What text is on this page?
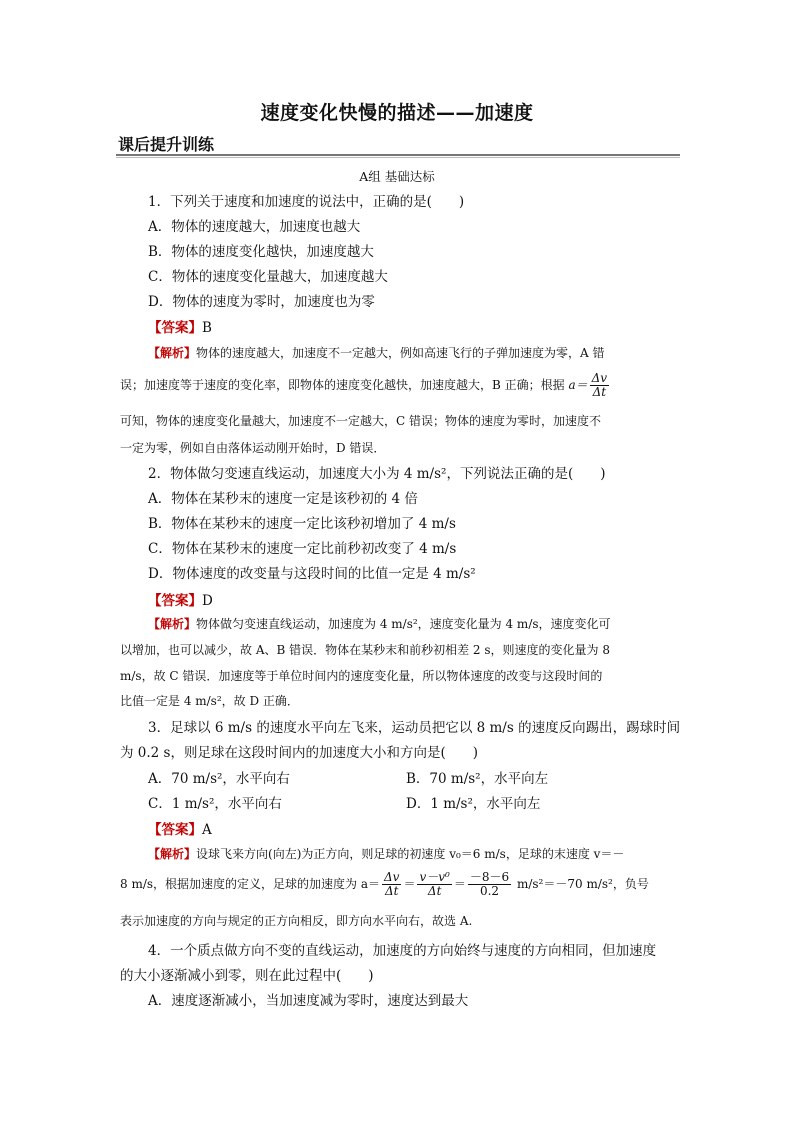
速度变化快慢的描述——加速度
课后提升训练
A组 基础达标
1．下列关于速度和加速度的说法中，正确的是(　　)
A．物体的速度越大，加速度也越大
B．物体的速度变化越快，加速度越大
C．物体的速度变化量越大，加速度越大
D．物体的速度为零时，加速度也为零
【答案】B
【解析】物体的速度越大，加速度不一定越大，例如高速飞行的子弹加速度为零，A 错
误；加速度等于速度的变化率，即物体的速度变化越快，加速度越大，B 正确；根据 $a= \frac{\Delta v}{\Delta t}$
可知，物体的速度变化量越大，加速度不一定越大，C 错误；物体的速度为零时，加速度不
一定为零，例如自由落体运动刚开始时，D 错误．
2．物体做匀变速直线运动，加速度大小为 4 m/s²，下列说法正确的是(　　)
A．物体在某秒末的速度一定是该秒初的 4 倍
B．物体在某秒末的速度一定比该秒初增加了 4 m/s
C．物体在某秒末的速度一定比前秒初改变了 4 m/s
D．物体速度的改变量与这段时间的比值一定是 4 m/s²
【答案】D
【解析】物体做匀变速直线运动，加速度为 4 m/s²，速度变化量为 4 m/s，速度变化可
以增加，也可以减少，故 A、B 错误．物体在某秒末和前秒初相差 2 s，则速度的变化量为 8
m/s，故 C 错误．加速度等于单位时间内的速度变化量，所以物体速度的改变与这段时间的
比值一定是 4 m/s²，故 D 正确．
3．足球以 6 m/s 的速度水平向左飞来，运动员把它以 8 m/s 的速度反向踢出，踢球时间
为 0.2 s，则足球在这段时间内的加速度大小和方向是(　　)
A．70 m/s²，水平向右	B．70 m/s²，水平向左
C．1 m/s²，水平向右	D．1 m/s²，水平向左
【答案】A
【解析】设球飞来方向(向左)为正方向，则足球的初速度 v₀＝6 m/s，足球的末速度 v＝－
8 m/s，根据加速度的定义，足球的加速度为 $a= \frac{\Delta v}{\Delta t} = \frac{\text{v－v⁰}}{\Delta t} = \frac{-8-6}{0.2} m/s^2=-70$ m/s²，负号
表示加速度的方向与规定的正方向相反，即方向水平向右，故选 A.
4．一个质点做方向不变的直线运动，加速度的方向始终与速度的方向相同，但加速度
的大小逐渐减小到零，则在此过程中(　　)
A．速度逐渐减小，当加速度减为零时，速度达到最大
